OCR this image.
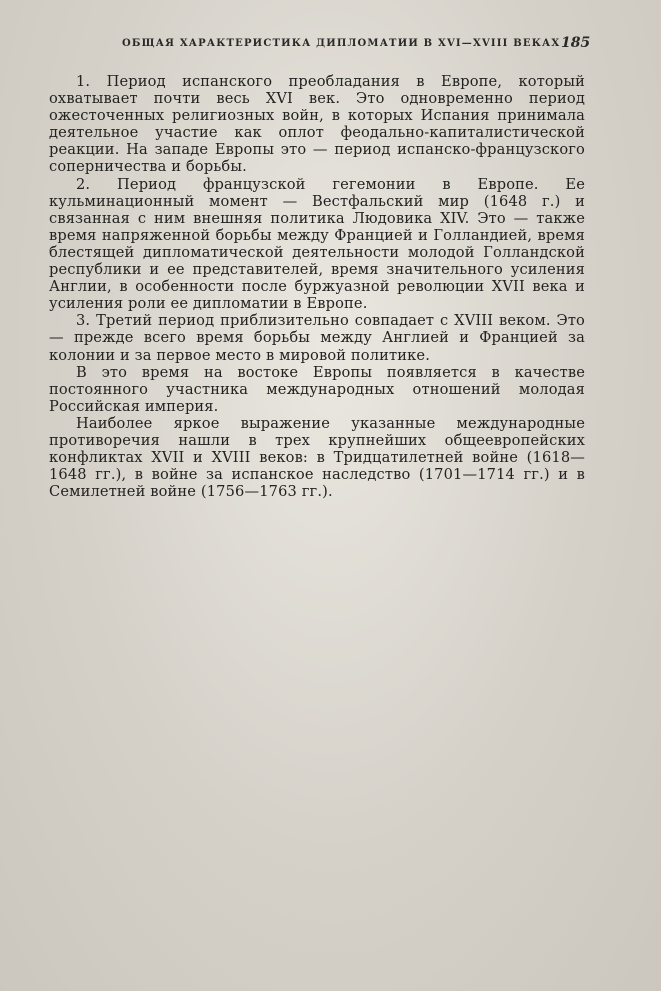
ОБЩАЯ ХАРАКТЕРИСТИКА ДИПЛОМАТИИ В XVI—XVIII ВЕКАХ 185

1. Период испанского преобладания в Европе, который охватывает почти весь XVI век. Это одновременно период ожесточенных религиозных войн, в которых Испания принимала деятельное участие как оплот феодально-капиталистической реакции. На западе Европы это — период испанско-французского соперничества и борьбы.

2. Период французской гегемонии в Европе. Ее кульминационный момент — Вестфальский мир (1648 г.) и связанная с ним внешняя политика Людовика XIV. Это — также время напряженной борьбы между Францией и Голландией, время блестящей дипломатической деятельности молодой Голландской республики и ее представителей, время значительного усиления Англии, в особенности после буржуазной революции XVII века и усиления роли ее дипломатии в Европе.

3. Третий период приблизительно совпадает с XVIII веком. Это — прежде всего время борьбы между Англией и Францией за колонии и за первое место в мировой политике.

В это время на востоке Европы появляется в качестве постоянного участника международных отношений молодая Российская империя.

Наиболее яркое выражение указанные международные противоречия нашли в трех крупнейших общеевропейских конфликтах XVII и XVIII веков: в Тридцатилетней войне (1618—1648 гг.), в войне за испанское наследство (1701—1714 гг.) и в Семилетней войне (1756—1763 гг.).
